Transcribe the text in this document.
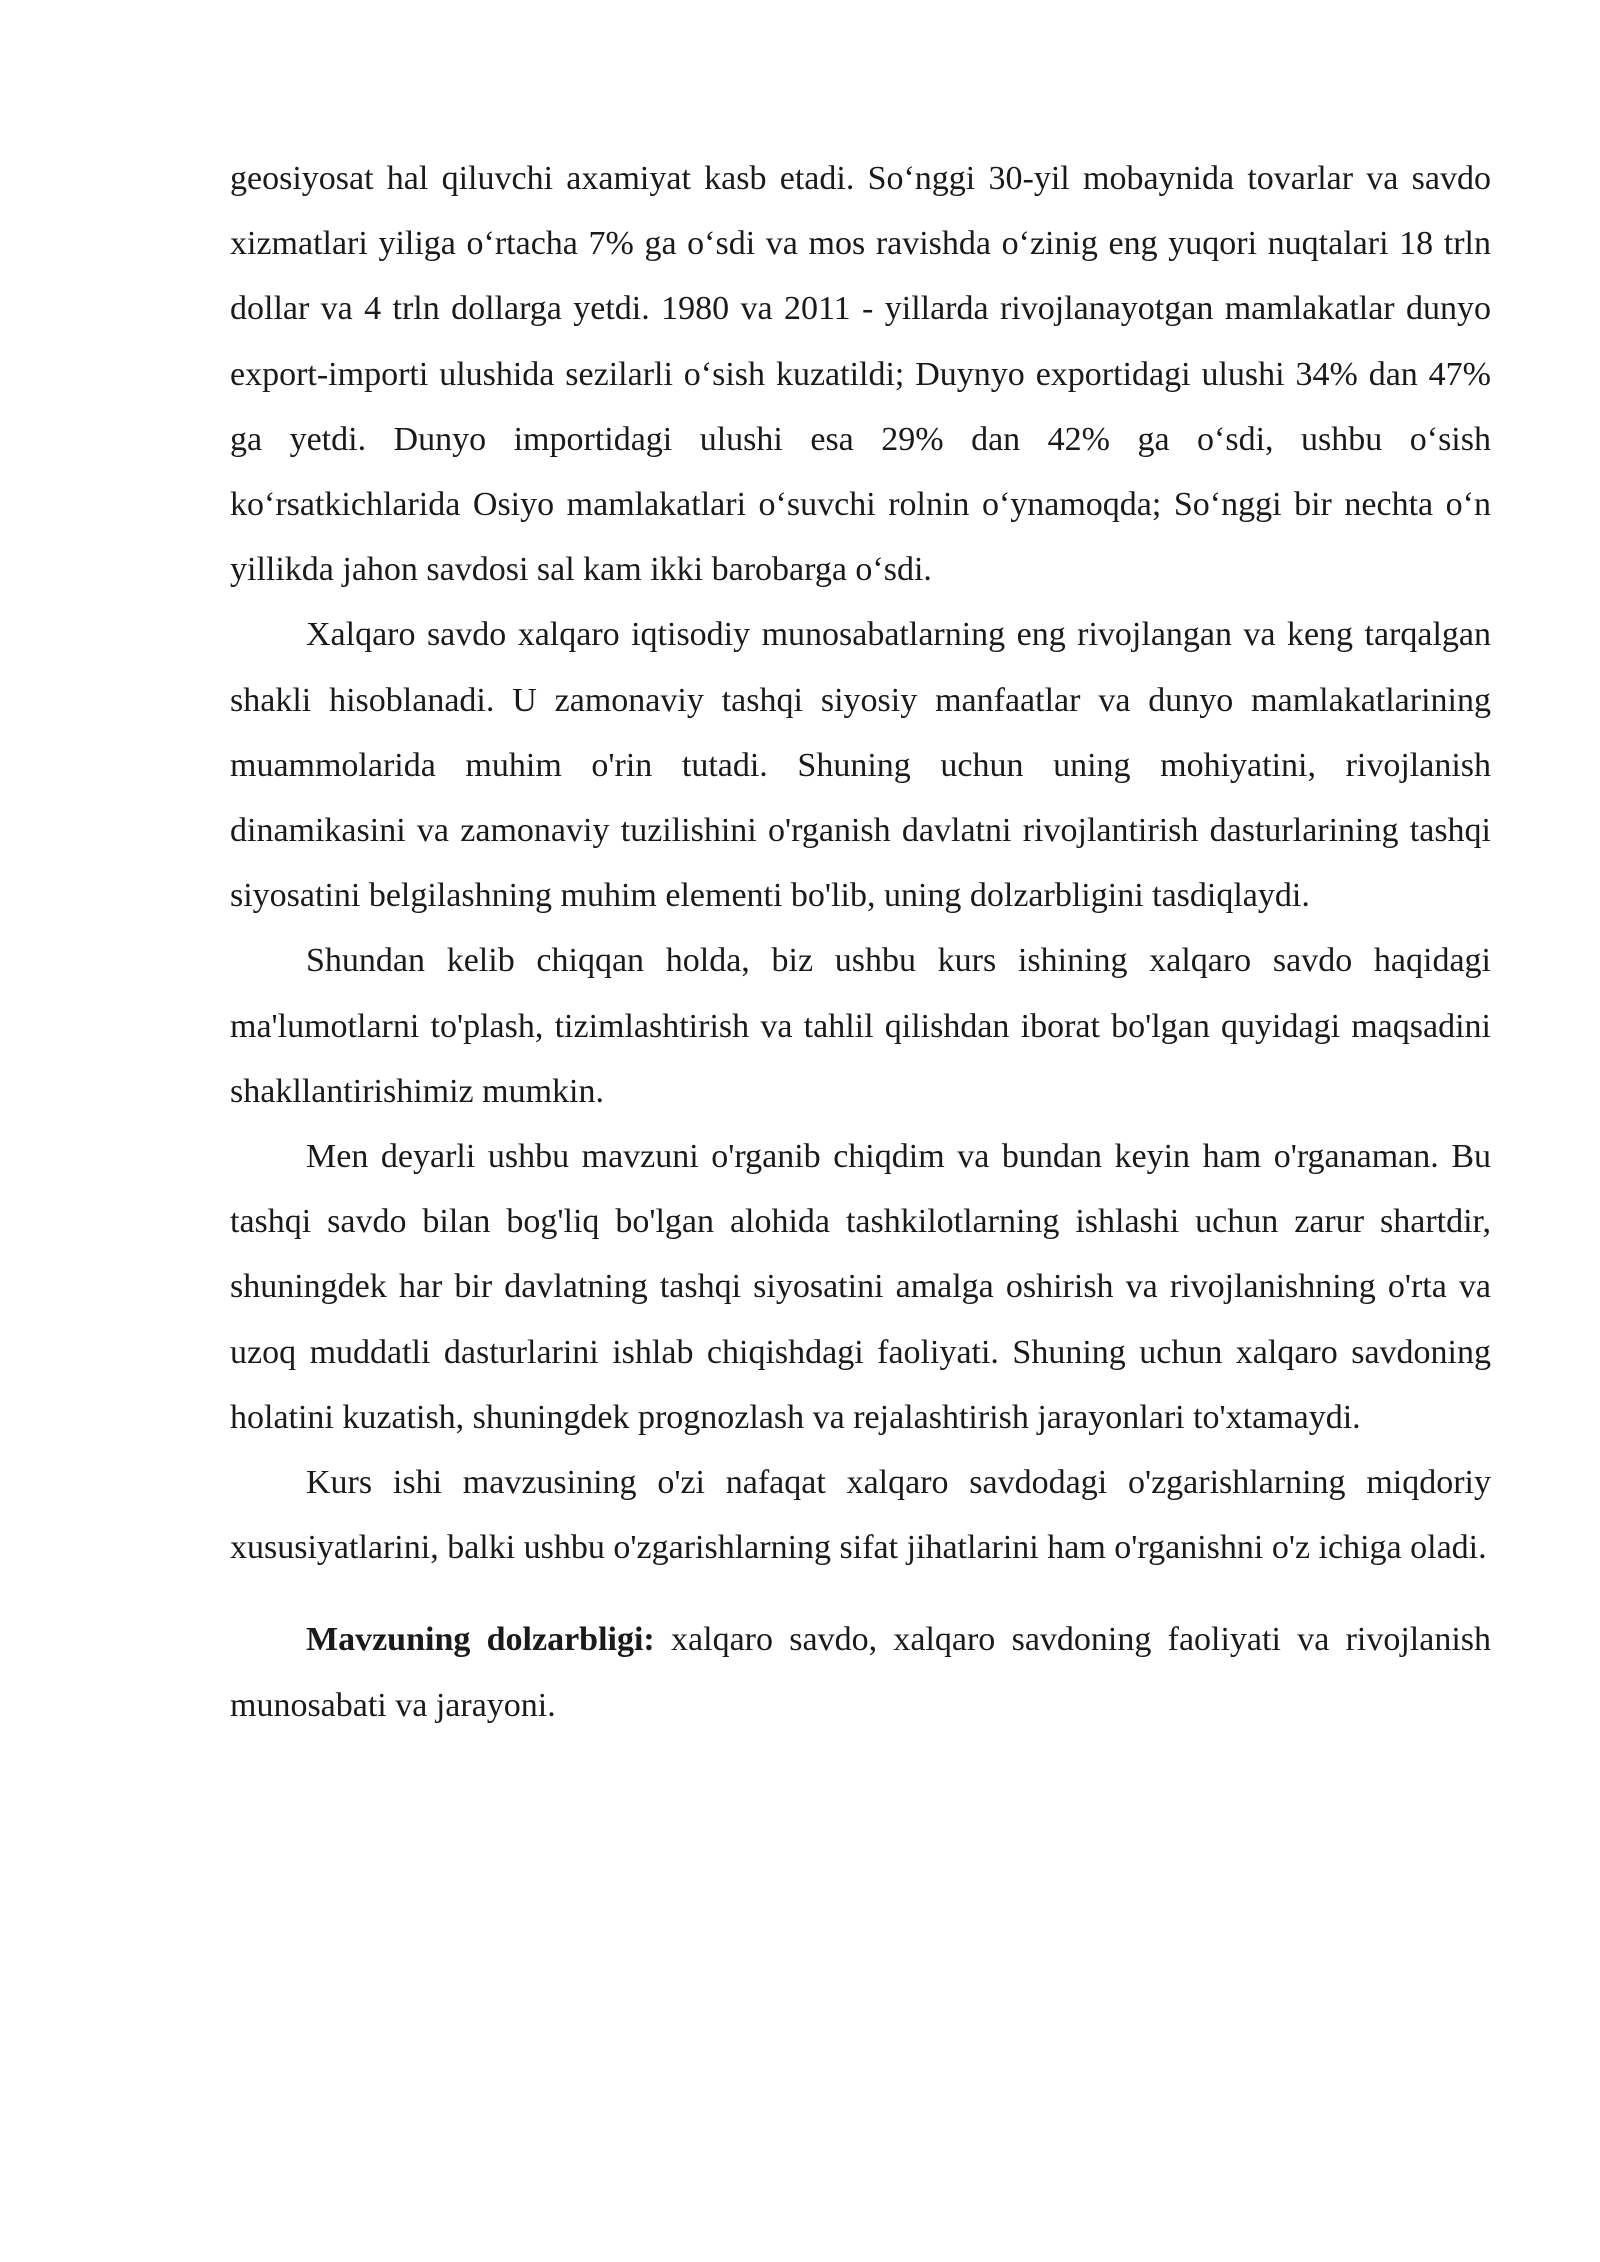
geosiyosat hal qiluvchi axamiyat kasb etadi. So‘nggi 30-yil mobaynida tovarlar va savdo xizmatlari yiliga o‘rtacha 7% ga o‘sdi va mos ravishda o‘zinig eng yuqori nuqtalari 18 trln dollar va 4 trln dollarga yetdi. 1980 va 2011 - yillarda rivojlanayotgan mamlakatlar dunyo export-importi ulushida sezilarli o‘sish kuzatildi; Duynyo exportidagi ulushi 34% dan 47% ga yetdi. Dunyo importidagi ulushi esa 29% dan 42% ga o‘sdi, ushbu o‘sish ko‘rsatkichlarida Osiyo mamlakatlari o‘suvchi rolnin o‘ynamoqda; So‘nggi bir nechta o‘n yillikda jahon savdosi sal kam ikki barobarga o‘sdi.

Xalqaro savdo xalqaro iqtisodiy munosabatlarning eng rivojlangan va keng tarqalgan shakli hisoblanadi. U zamonaviy tashqi siyosiy manfaatlar va dunyo mamlakatlarining muammolarida muhim o'rin tutadi. Shuning uchun uning mohiyatini, rivojlanish dinamikasini va zamonaviy tuzilishini o'rganish davlatni rivojlantirish dasturlarining tashqi siyosatini belgilashning muhim elementi bo'lib, uning dolzarbligini tasdiqlaydi.

Shundan kelib chiqqan holda, biz ushbu kurs ishining xalqaro savdo haqidagi ma'lumotlarni to'plash, tizimlashtirish va tahlil qilishdan iborat bo'lgan quyidagi maqsadini shakllantirishimiz mumkin.

Men deyarli ushbu mavzuni o'rganib chiqdim va bundan keyin ham o'rganaman. Bu tashqi savdo bilan bog'liq bo'lgan alohida tashkilotlarning ishlashi uchun zarur shartdir, shuningdek har bir davlatning tashqi siyosatini amalga oshirish va rivojlanishning o'rta va uzoq muddatli dasturlarini ishlab chiqishdagi faoliyati. Shuning uchun xalqaro savdoning holatini kuzatish, shuningdek prognozlash va rejalashtirish jarayonlari to'xtamaydi.

Kurs ishi mavzusining o'zi nafaqat xalqaro savdodagi o'zgarishlarning miqdoriy xususiyatlarini, balki ushbu o'zgarishlarning sifat jihatlarini ham o'rganishni o'z ichiga oladi.

Mavzuning dolzarbligi: xalqaro savdo, xalqaro savdoning faoliyati va rivojlanish munosabati va jarayoni.
